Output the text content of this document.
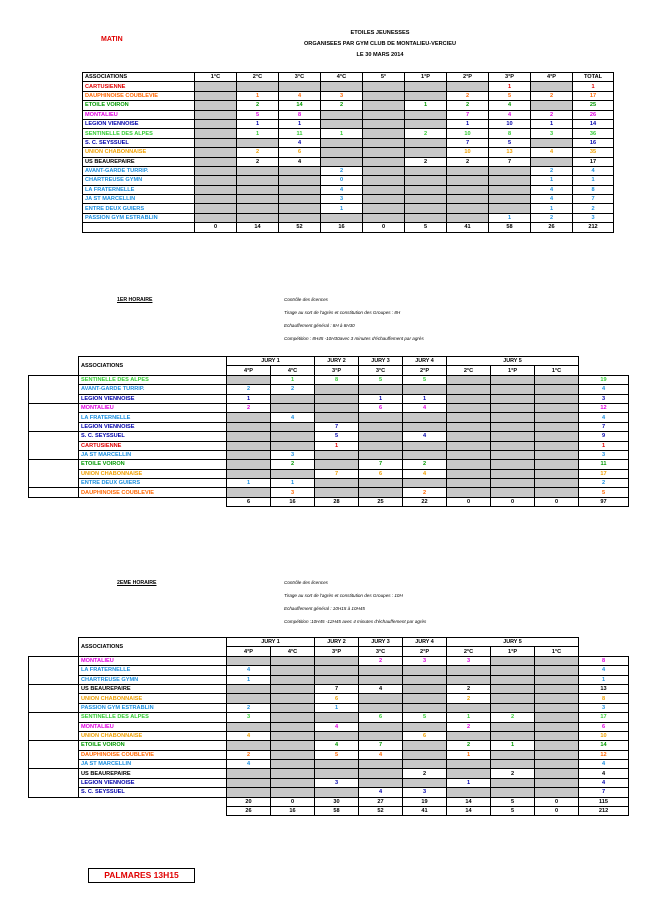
MATIN
ETOILES JEUNESSES
ORGANISEES PAR GYM CLUB DE MONTALIEU-VERCIEU
LE 30 MARS 2014
ASSOCIATIONS	1°C	2°C	3°C	4°C	5°	1°P	2°P	3°P	4°P	TOTAL
CARTUSIENNE								1		1
DAUPHINOISE COUBLEVIE		1	4	3			2	5	2	17
ETOILE VOIRON		2	14	2		1	2	4		25
MONTALIEU		5	8				7	4	2	26
LEGION VIENNOISE		1	1				1	10	1	14
SENTINELLE DES ALPES		1	11	1		2	10	8	3	36
S. C. SEYSSUEL			4				7	5		16
UNION CHABONNAISE		2	6				10	13	4	35
US BEAUREPAIRE		2	4			2	2	7		17
AVANT-GARDE TURRIP.				2					2	4
CHARTREUSE GYMN				0					1	1
LA FRATERNELLE				4					4	8
JA ST MARCELLIN				3					4	7
ENTRE DEUX GUIERS				1					1	2
PASSION GYM ESTRABLIN								1	2	3
	0	14	52	16	0	5	41	58	26	212
1ER HORAIRE	Contrôle des licences
Tirage au sort de l'agrès et constitution des Groupes : 8H
Echauffement général : 8H à 8H30
Compétition : 8H45 -10H30avec 3 minutes d'échauffement par agrès
	ASSOCIATIONS	JURY 1		JURY 2	JURY 3	JURY 4	JURY 5			
		4°P	4°C	3°P	3°C	2°P	2°C	1°P	1°C	
	SENTINELLE DES ALPES		1	8	5	5				19
	AVANT-GARDE TURRIP.	2	2							4
	LEGION VIENNOISE	1			1	1				3
	MONTALIEU	2			6	4				12
	LA FRATERNELLE		4							4
	LEGION VIENNOISE			7						7
	S. C. SEYSSUEL			5		4				9
	CARTUSIENNE			1						1
	JA ST MARCELLIN		3							3
	ETOILE VOIRON		2		7	2				11
	UNION CHABONNAISE			7	6	4				17
	ENTRE DEUX GUIERS	1	1							2
	DAUPHINOISE COUBLEVIE		3			2				5
		6	16	28	25	22	0	0	0	97
2EME HORAIRE	Contrôle des licences
Tirage au sort de l'agrès et constitution des Groupes : 10H
Echauffement général : 10H15 à 10H45
Compétition :10H45 -12H45 avec 4 minutes d'échauffement par agrès
	ASSOCIATIONS	JURY 1		JURY 2	JURY 3	JURY 4	JURY 5			
		4°P	4°C	3°P	3°C	2°P	2°C	1°P	1°C	
	MONTALIEU				2	3	3			8
	LA FRATERNELLE	4								4
	CHARTREUSE GYMN	1								1
	US BEAUREPAIRE			7	4		2			13
	UNION CHABONNAISE			6			2			8
	PASSION GYM ESTRABLIN	2		1						3
	SENTINELLE DES ALPES	3			6	5	1	2		17
	MONTALIEU			4			2			6
	UNION CHABONNAISE	4				6				10
	ETOILE VOIRON			4	7		2	1		14
	DAUPHINOISE COUBLEVIE	2		5	4		1			12
	JA ST MARCELLIN	4								4
	US BEAUREPAIRE					2		2		4
	LEGION VIENNOISE			3			1			4
	S. C. SEYSSUEL				4	3				7
		20	0	30	27	19	14	5	0	115
		26	16	58	52	41	14	5	0	212
PALMARES 13H15
